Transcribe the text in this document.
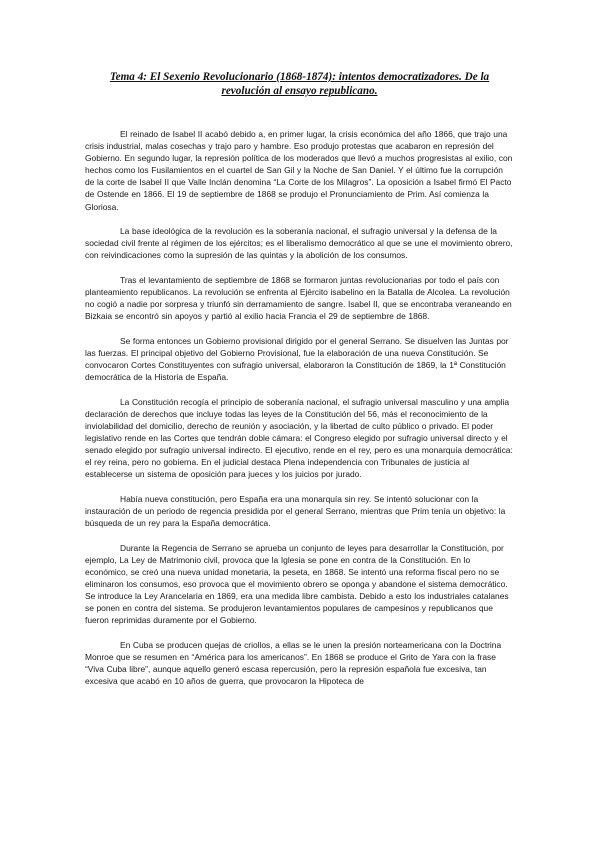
Tema 4: El Sexenio Revolucionario (1868-1874): intentos democratizadores. De la revolución al ensayo republicano.

El reinado de Isabel II acabó debido a, en primer lugar, la crisis económica del año 1866, que trajo una crisis industrial, malas cosechas y trajo paro y hambre. Eso produjo protestas que acabaron en represión del Gobierno. En segundo lugar, la represión política de los moderados que llevó a muchos progresistas al exilio, con hechos como los Fusilamientos en el cuartel de San Gil y la Noche de San Daniel. Y el último fue la corrupción de la corte de Isabel II que Valle Inclán denomina “La Corte de los Milagros”. La oposición a Isabel firmó El Pacto de Ostende en 1866. El 19 de septiembre de 1868 se produjo el Pronunciamiento de Prim. Así comienza la Gloriosa.

La base ideológica de la revolución es la soberanía nacional, el sufragio universal y la defensa de la sociedad civil frente al régimen de los ejércitos; es el liberalismo democrático al que se une el movimiento obrero, con reivindicaciones como la supresión de las quintas y la abolición de los consumos.

Tras el levantamiento de septiembre de 1868 se formaron juntas revolucionarias por todo el país con planteamiento republicanos. La revolución se enfrenta al Ejército isabelino en la Batalla de Alcolea. La revolución no cogió a nadie por sorpresa y triunfó sin derramamiento de sangre. Isabel II, que se encontraba veraneando en Bizkaia se encontró sin apoyos y partió al exilio hacia Francia el 29 de septiembre de 1868.

Se forma entonces un Gobierno provisional dirigido por el general Serrano. Se disuelven las Juntas por las fuerzas. El principal objetivo del Gobierno Provisional, fue la elaboración de una nueva Constitución. Se convocaron Cortes Constituyentes con sufragio universal, elaboraron la Constitución de 1869, la 1ª Constitución democrática de la Historia de España.

La Constitución recogía el principio de soberanía nacional, el sufragio universal masculino y una amplia declaración de derechos que incluye todas las leyes de la Constitución del 56, más el reconocimiento de la inviolabilidad del domicilio, derecho de reunión y asociación, y la libertad de culto público o privado. El poder legislativo rende en las Cortes que tendrán doble cámara: el Congreso elegido por sufragio universal directo y el senado elegido por sufragio universal indirecto. El ejecutivo, rende en el rey, pero es una monarquía democrática: el rey reina, pero no gobierna. En el judicial destaca Plena independencia con Tribunales de justicia al establecerse un sistema de oposición para jueces y los juicios por jurado.

Había nueva constitución, pero España era una monarquía sin rey. Se intentó solucionar con la instauración de un periodo de regencia presidida por el general Serrano, mientras que Prim tenía un objetivo: la búsqueda de un rey para la España democrática.

Durante la Regencia de Serrano se aprueba un conjunto de leyes para desarrollar la Constitución, por ejemplo, La Ley de Matrimonio civil, provoca que la Iglesia se pone en contra de la Constitución. En lo económico, se creó una nueva unidad monetaria, la peseta, en 1868. Se intentó una reforma fiscal pero no se eliminaron los consumos, eso provoca que el movimiento obrero se oponga y abandone el sistema democrático. Se introduce la Ley Arancelaria en 1869, era una medida libre cambista. Debido a esto los industriales catalanes se ponen en contra del sistema. Se produjeron levantamientos populares de campesinos y republicanos que fueron reprimidas duramente por el Gobierno.

En Cuba se producen quejas de criollos, a ellas se le unen la presión norteamericana con la Doctrina Monroe que se resumen en “América para los americanos”. En 1868 se produce el Grito de Yara con la frase “Viva Cuba libre”, aunque aquello generó escasa repercusión, pero la represión española fue excesiva, tan excesiva que acabó en 10 años de guerra, que provocaron la Hipoteca de
